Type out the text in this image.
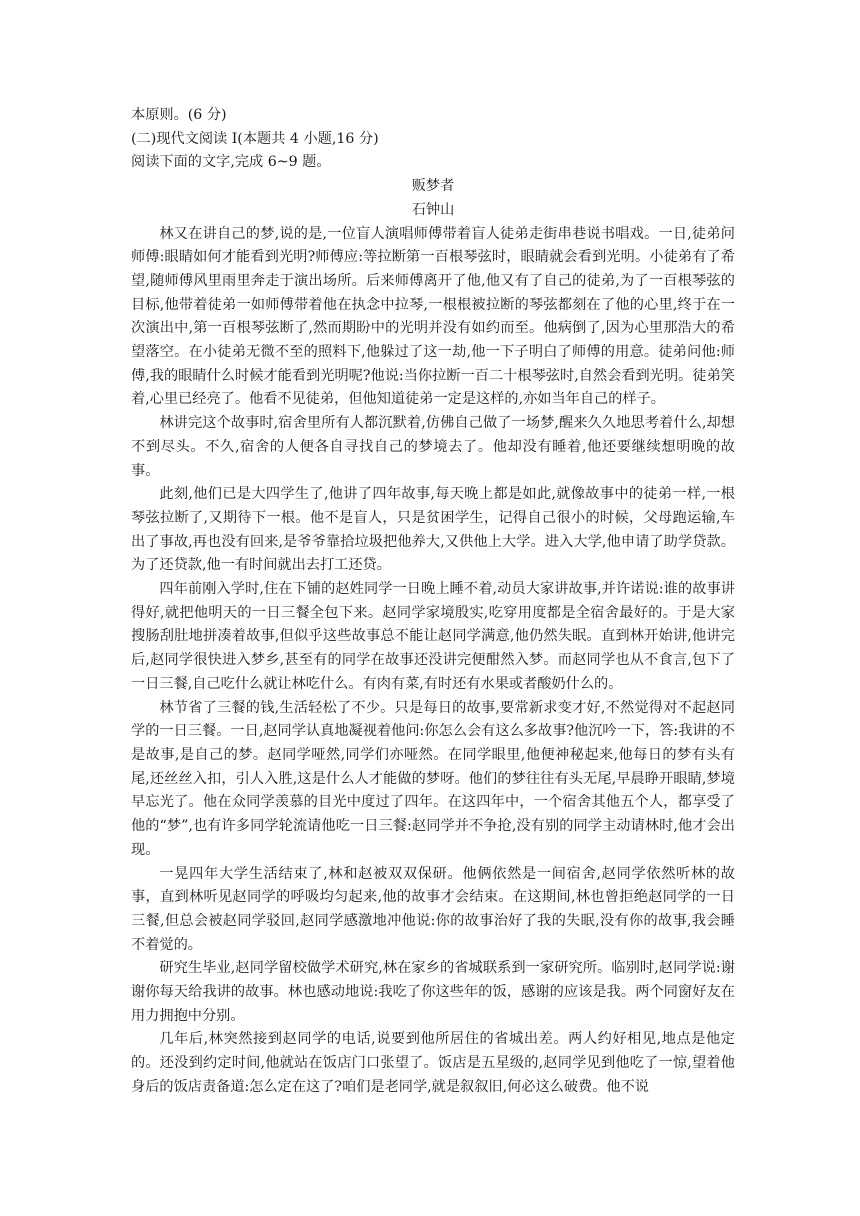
本原则。(6 分)

(二)现代文阅读 I(本题共 4 小题,16 分)

阅读下面的文字,完成 6~9 题。

贩梦者

石钟山

林又在讲自己的梦,说的是,一位盲人演唱师傅带着盲人徒弟走街串巷说书唱戏。一日,徒弟问师傅:眼睛如何才能看到光明?师傅应:等拉断第一百根琴弦时，眼睛就会看到光明。小徒弟有了希望,随师傅风里雨里奔走于演出场所。后来师傅离开了他,他又有了自己的徒弟,为了一百根琴弦的目标,他带着徒弟一如师傅带着他在执念中拉琴,一根根被拉断的琴弦都刻在了他的心里,终于在一次演出中,第一百根琴弦断了,然而期盼中的光明并没有如约而至。他病倒了,因为心里那浩大的希望落空。在小徒弟无微不至的照料下,他躲过了这一劫,他一下子明白了师傅的用意。徒弟问他:师傅,我的眼睛什么时候才能看到光明呢?他说:当你拉断一百二十根琴弦时,自然会看到光明。徒弟笑着,心里已经亮了。他看不见徒弟，但他知道徒弟一定是这样的,亦如当年自己的样子。

林讲完这个故事时,宿舍里所有人都沉默着,仿佛自己做了一场梦,醒来久久地思考着什么,却想不到尽头。不久,宿舍的人便各自寻找自己的梦境去了。他却没有睡着,他还要继续想明晚的故事。

此刻,他们已是大四学生了,他讲了四年故事,每天晚上都是如此,就像故事中的徒弟一样,一根琴弦拉断了,又期待下一根。他不是盲人，只是贫困学生，记得自己很小的时候，父母跑运输,车出了事故,再也没有回来,是爷爷靠拾垃圾把他养大,又供他上大学。进入大学,他申请了助学贷款。为了还贷款,他一有时间就出去打工还贷。

四年前刚入学时,住在下铺的赵姓同学一日晚上睡不着,动员大家讲故事,并许诺说:谁的故事讲得好,就把他明天的一日三餐全包下来。赵同学家境殷实,吃穿用度都是全宿舍最好的。于是大家搜肠刮肚地拼凑着故事,但似乎这些故事总不能让赵同学满意,他仍然失眠。直到林开始讲,他讲完后,赵同学很快进入梦乡,甚至有的同学在故事还没讲完便酣然入梦。而赵同学也从不食言,包下了一日三餐,自己吃什么就让林吃什么。有肉有菜,有时还有水果或者酸奶什么的。

林节省了三餐的钱,生活轻松了不少。只是每日的故事,要常新求变才好,不然觉得对不起赵同学的一日三餐。一日,赵同学认真地凝视着他问:你怎么会有这么多故事?他沉吟一下，答:我讲的不是故事,是自己的梦。赵同学哑然,同学们亦哑然。在同学眼里,他便神秘起来,他每日的梦有头有尾,还丝丝入扣，引人入胜,这是什么人才能做的梦呀。他们的梦往往有头无尾,早晨睁开眼睛,梦境早忘光了。他在众同学羡慕的目光中度过了四年。在这四年中，一个宿舍其他五个人，都享受了他的“梦”,也有许多同学轮流请他吃一日三餐:赵同学并不争抢,没有别的同学主动请林时,他才会出现。

一晃四年大学生活结束了,林和赵被双双保研。他俩依然是一间宿舍,赵同学依然听林的故事，直到林听见赵同学的呼吸均匀起来,他的故事才会结束。在这期间,林也曾拒绝赵同学的一日三餐,但总会被赵同学驳回,赵同学感激地冲他说:你的故事治好了我的失眠,没有你的故事,我会睡不着觉的。

研究生毕业,赵同学留校做学术研究,林在家乡的省城联系到一家研究所。临别时,赵同学说:谢谢你每天给我讲的故事。林也感动地说:我吃了你这些年的饭，感谢的应该是我。两个同窗好友在用力拥抱中分别。

几年后,林突然接到赵同学的电话,说要到他所居住的省城出差。两人约好相见,地点是他定的。还没到约定时间,他就站在饭店门口张望了。饭店是五星级的,赵同学见到他吃了一惊,望着他身后的饭店责备道:怎么定在这了?咱们是老同学,就是叙叙旧,何必这么破费。他不说
